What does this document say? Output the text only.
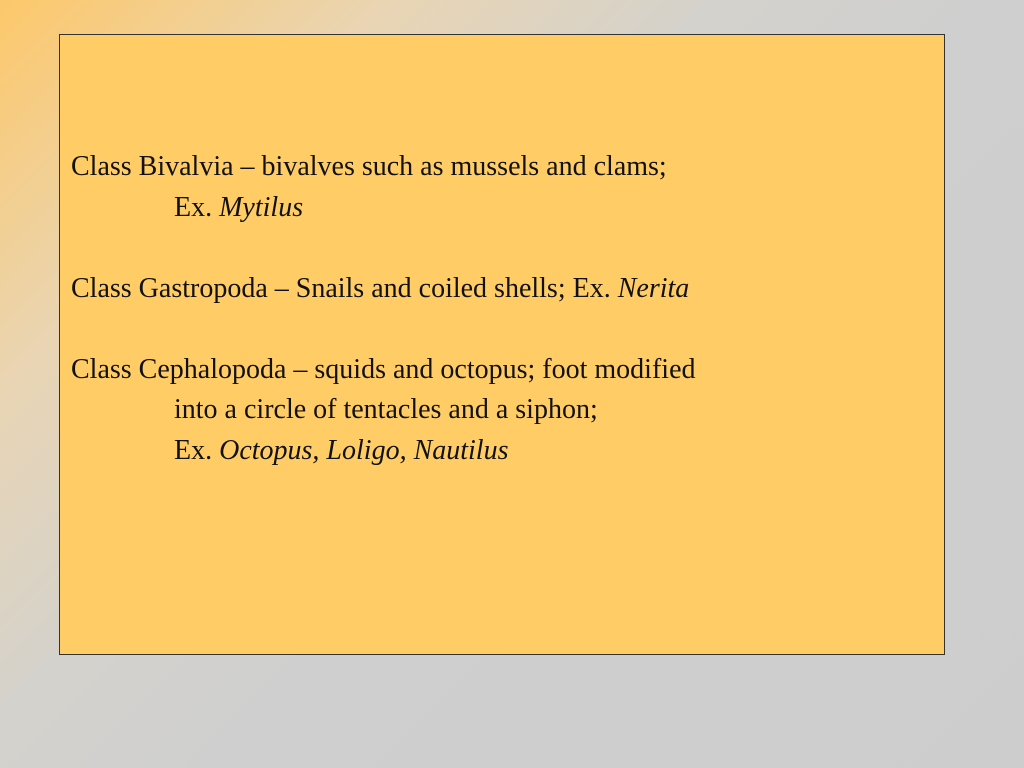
Class Bivalvia – bivalves such as mussels and clams;
Ex. Mytilus
Class Gastropoda – Snails and coiled shells; Ex. Nerita
Class Cephalopoda – squids and octopus; foot modified
into a circle of tentacles and a siphon;
Ex. Octopus, Loligo, Nautilus
